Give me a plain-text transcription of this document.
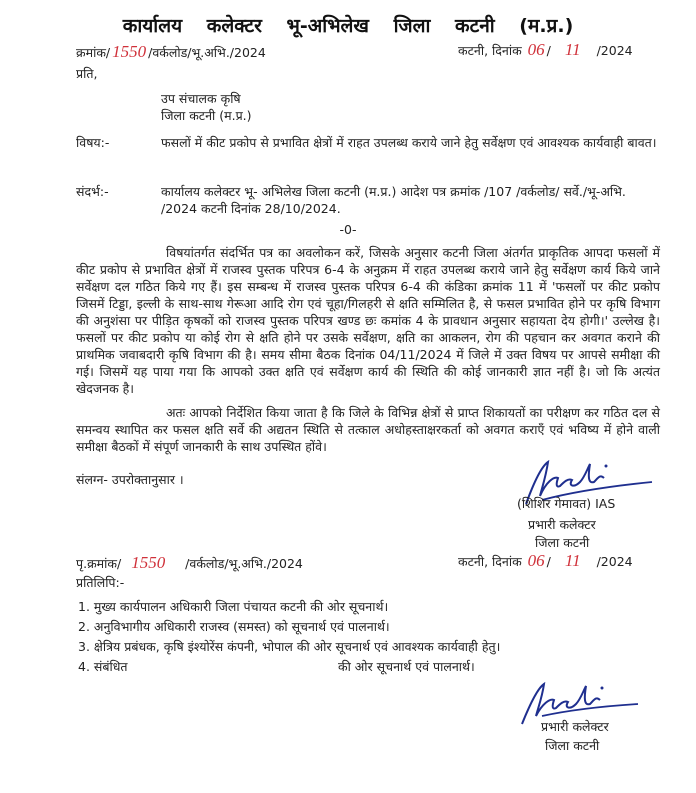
कार्यालय कलेक्टर भू-अभिलेख जिला कटनी (म.प्र.)
क्रमांक/ 1550 /वर्कलोड/भू.अभि./2024	कटनी, दिनांक 06 / 11 /2024
प्रति,
उप संचालक कृषि
जिला कटनी (म.प्र.)
विषय:-	फसलों में कीट प्रकोप से प्रभावित क्षेत्रों में राहत उपलब्ध कराये जाने हेतु सर्वेक्षण एवं आवश्यक कार्यवाही बावत।
संदर्भ:-	कार्यालय कलेक्टर भू- अभिलेख जिला कटनी (म.प्र.) आदेश पत्र क्रमांक /107 /वर्कलोड/ सर्वे./भू-अभि. /2024 कटनी दिनांक 28/10/2024.
-0-
विषयांतर्गत संदर्भित पत्र का अवलोकन करें, जिसके अनुसार कटनी जिला अंतर्गत प्राकृतिक आपदा फसलों में कीट प्रकोप से प्रभावित क्षेत्रों में राजस्व पुस्तक परिपत्र 6-4 के अनुक्रम में राहत उपलब्ध कराये जाने हेतु सर्वेक्षण कार्य किये जाने सर्वेक्षण दल गठित किये गए हैं। इस सम्बन्ध में राजस्व पुस्तक परिपत्र 6-4 की कंडिका क्रमांक 11 में 'फसलों पर कीट प्रकोप जिसमें टिड्डा, इल्ली के साथ-साथ गेरूआ आदि रोग एवं चूहा/गिलहरी से क्षति सम्मिलित है, से फसल प्रभावित होने पर कृषि विभाग की अनुशंसा पर पीड़ित कृषकों को राजस्व पुस्तक परिपत्र खण्ड छः कमांक 4 के प्रावधान अनुसार सहायता देय होगी।' उल्लेख है। फसलों पर कीट प्रकोप या कोई रोग से क्षति होने पर उसके सर्वेक्षण, क्षति का आकलन, रोग की पहचान कर अवगत कराने की प्राथमिक जवाबदारी कृषि विभाग की है। समय सीमा बैठक दिनांक 04/11/2024 में जिले में उक्त विषय पर आपसे समीक्षा की गई। जिसमें यह पाया गया कि आपको उक्त क्षति एवं सर्वेक्षण कार्य की स्थिति की कोई जानकारी ज्ञात नहीं है। जो कि अत्यंत खेदजनक है।
अतः आपको निर्देशित किया जाता है कि जिले के विभिन्न क्षेत्रों से प्राप्त शिकायतों का परीक्षण कर गठित दल से समन्वय स्थापित कर फसल क्षति सर्वे की अद्यतन स्थिति से तत्काल अधोहस्ताक्षरकर्ता को अवगत कराएँ एवं भविष्य में होने वाली समीक्षा बैठकों में संपूर्ण जानकारी के साथ उपस्थित होंवे।
संलग्न- उपरोक्तानुसार ।
(शिशिर गेमावत) IAS
प्रभारी कलेक्टर
जिला कटनी
पृ.क्रमांक/ 1550 /वर्कलोड/भू.अभि./2024	कटनी, दिनांक 06 / 11 /2024
प्रतिलिपि:-
1. मुख्य कार्यपालन अधिकारी जिला पंचायत कटनी की ओर सूचनार्थ।
2. अनुविभागीय अधिकारी राजस्व (समस्त) को सूचनार्थ एवं पालनार्थ।
3. क्षेत्रिय प्रबंधक, कृषि इंश्योरेंस कंपनी, भोपाल की ओर सूचनार्थ एवं आवश्यक कार्यवाही हेतु।
4. संबंधित	की ओर सूचनार्थ एवं पालनार्थ।
प्रभारी कलेक्टर
जिला कटनी
